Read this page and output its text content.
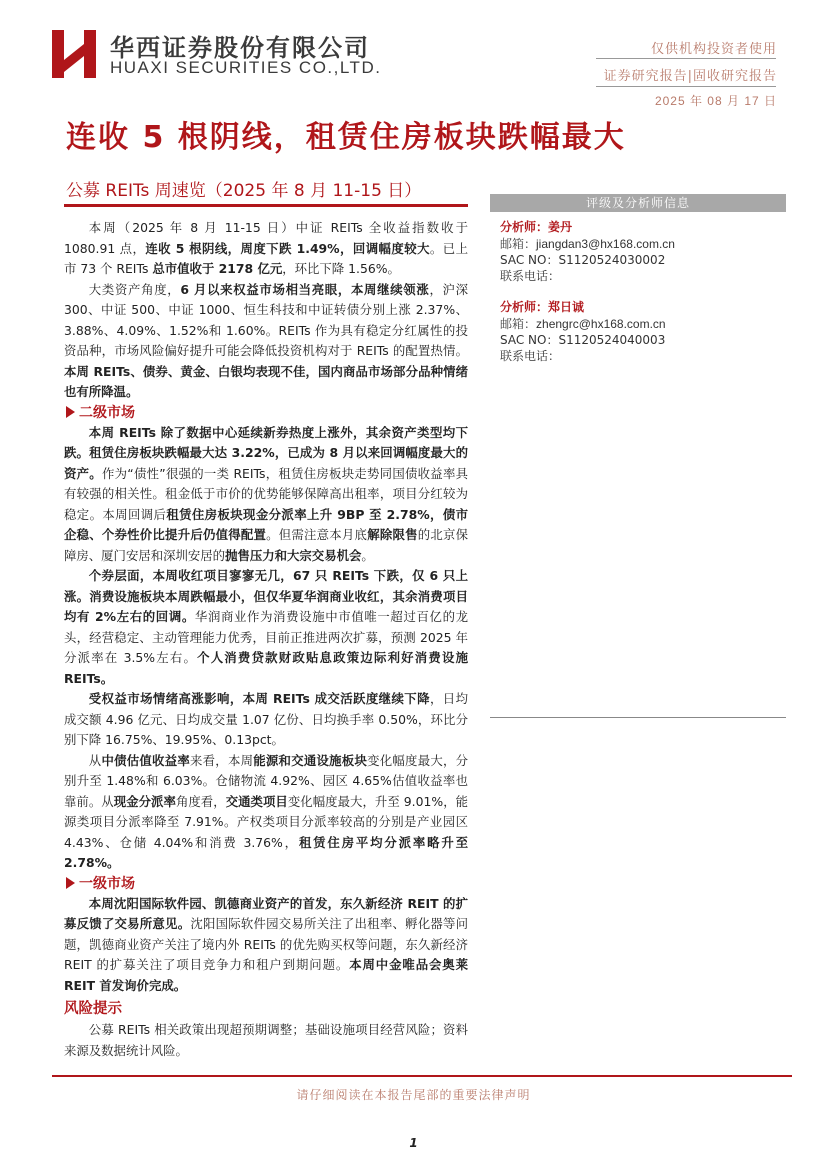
华西证券股份有限公司
HUAXI SECURITIES CO.,LTD.
仅供机构投资者使用
证券研究报告|固收研究报告
2025 年 08 月 17 日
连收 5 根阴线，租赁住房板块跌幅最大
公募 REITs 周速览（2025 年 8 月 11-15 日）

本周（2025 年 8 月 11-15 日）中证 REITs 全收益指数收于 1080.91 点，连收 5 根阴线，周度下跌 1.49%，回调幅度较大。已上市 73 个 REITs 总市值收于 2178 亿元，环比下降 1.56%。

大类资产角度，6 月以来权益市场相当亮眼，本周继续领涨，沪深 300、中证 500、中证 1000、恒生科技和中证转债分别上涨 2.37%、3.88%、4.09%、1.52%和 1.60%。REITs 作为具有稳定分红属性的投资品种，市场风险偏好提升可能会降低投资机构对于 REITs 的配置热情。本周 REITs、债券、黄金、白银均表现不佳，国内商品市场部分品种情绪也有所降温。

二级市场

本周 REITs 除了数据中心延续新券热度上涨外，其余资产类型均下跌。租赁住房板块跌幅最大达 3.22%，已成为 8 月以来回调幅度最大的资产。作为“债性”很强的一类 REITs，租赁住房板块走势同国债收益率具有较强的相关性。租金低于市价的优势能够保障高出租率，项目分红较为稳定。本周回调后租赁住房板块现金分派率上升 9BP 至 2.78%，债市企稳、个券性价比提升后仍值得配置。但需注意本月底解除限售的北京保障房、厦门安居和深圳安居的抛售压力和大宗交易机会。

个券层面，本周收红项目寥寥无几，67 只 REITs 下跌，仅 6 只上涨。消费设施板块本周跌幅最小，但仅华夏华润商业收红，其余消费项目均有 2%左右的回调。华润商业作为消费设施中市值唯一超过百亿的龙头，经营稳定、主动管理能力优秀，目前正推进两次扩募，预测 2025 年分派率在 3.5%左右。个人消费贷款财政贴息政策边际利好消费设施 REITs。

受权益市场情绪高涨影响，本周 REITs 成交活跃度继续下降，日均成交额 4.96 亿元、日均成交量 1.07 亿份、日均换手率 0.50%，环比分别下降 16.75%、19.95%、0.13pct。

从中债估值收益率来看，本周能源和交通设施板块变化幅度最大，分别升至 1.48%和 6.03%。仓储物流 4.92%、园区 4.65%估值收益率也靠前。从现金分派率角度看，交通类项目变化幅度最大，升至 9.01%，能源类项目分派率降至 7.91%。产权类项目分派率较高的分别是产业园区 4.43%、仓储 4.04%和消费 3.76%，租赁住房平均分派率略升至 2.78%。

一级市场

本周沈阳国际软件园、凯德商业资产的首发，东久新经济 REIT 的扩募反馈了交易所意见。沈阳国际软件园交易所关注了出租率、孵化器等问题，凯德商业资产关注了境内外 REITs 的优先购买权等问题，东久新经济 REIT 的扩募关注了项目竞争力和租户到期问题。本周中金唯品会奥莱 REIT 首发询价完成。

风险提示

公募 REITs 相关政策出现超预期调整；基础设施项目经营风险；资料来源及数据统计风险。

评级及分析师信息
分析师：姜丹
邮箱：jiangdan3@hx168.com.cn
SAC NO：S1120524030002
联系电话：
分析师：郑日诚
邮箱：zhengrc@hx168.com.cn
SAC NO：S1120524040003
联系电话：
请仔细阅读在本报告尾部的重要法律声明
1
